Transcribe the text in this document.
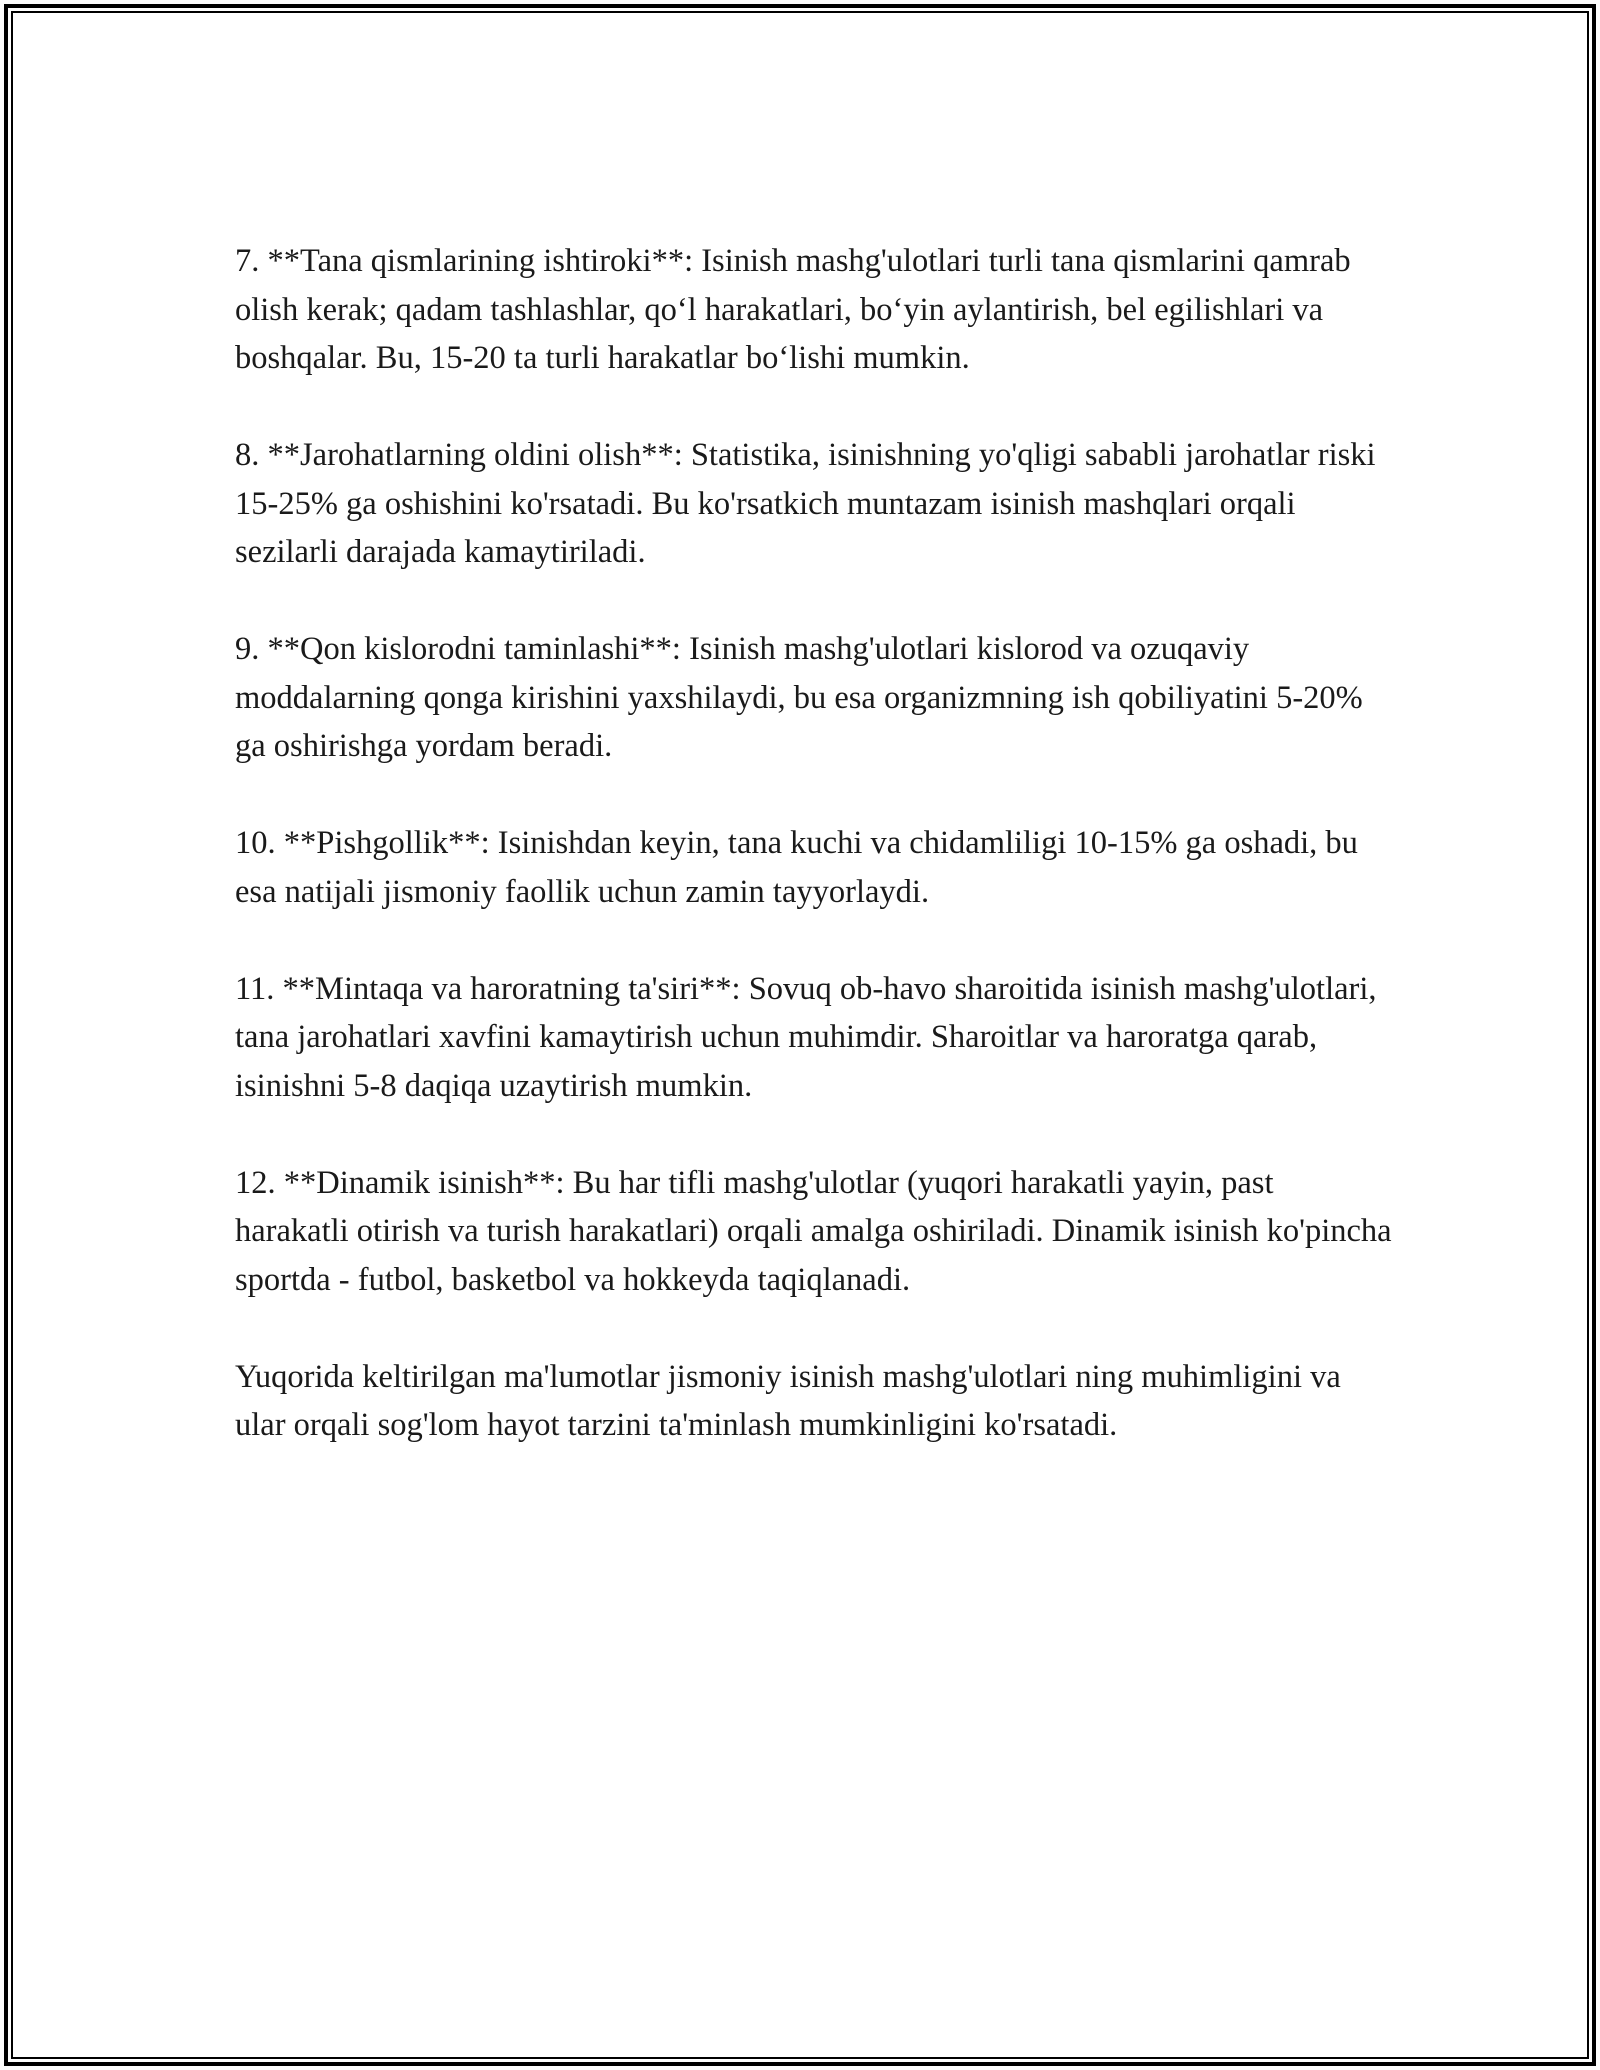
7. **Tana qismlarining ishtiroki**: Isinish mashg'ulotlari turli tana qismlarini qamrab olish kerak; qadam tashlashlar, qo‘l harakatlari, bo‘yin aylantirish, bel egilishlari va boshqalar. Bu, 15-20 ta turli harakatlar bo‘lishi mumkin.

8. **Jarohatlarning oldini olish**: Statistika, isinishning yo'qligi sababli jarohatlar riski 15-25% ga oshishini ko'rsatadi. Bu ko'rsatkich muntazam isinish mashqlari orqali sezilarli darajada kamaytiriladi.

9. **Qon kislorodni taminlashi**: Isinish mashg'ulotlari kislorod va ozuqaviy moddalarning qonga kirishini yaxshilaydi, bu esa organizmning ish qobiliyatini 5-20% ga oshirishga yordam beradi.

10. **Pishgollik**: Isinishdan keyin, tana kuchi va chidamliligi 10-15% ga oshadi, bu esa natijali jismoniy faollik uchun zamin tayyorlaydi.

11. **Mintaqa va haroratning ta'siri**: Sovuq ob-havo sharoitida isinish mashg'ulotlari, tana jarohatlari xavfini kamaytirish uchun muhimdir. Sharoitlar va haroratga qarab, isinishni 5-8 daqiqa uzaytirish mumkin.

12. **Dinamik isinish**: Bu har tifli mashg'ulotlar (yuqori harakatli yayin, past harakatli otirish va turish harakatlari) orqali amalga oshiriladi. Dinamik isinish ko'pincha sportda - futbol, basketbol va hokkeyda taqiqlanadi.

Yuqorida keltirilgan ma'lumotlar jismoniy isinish mashg'ulotlari ning muhimligini va ular orqali sog'lom hayot tarzini ta'minlash mumkinligini ko'rsatadi.
